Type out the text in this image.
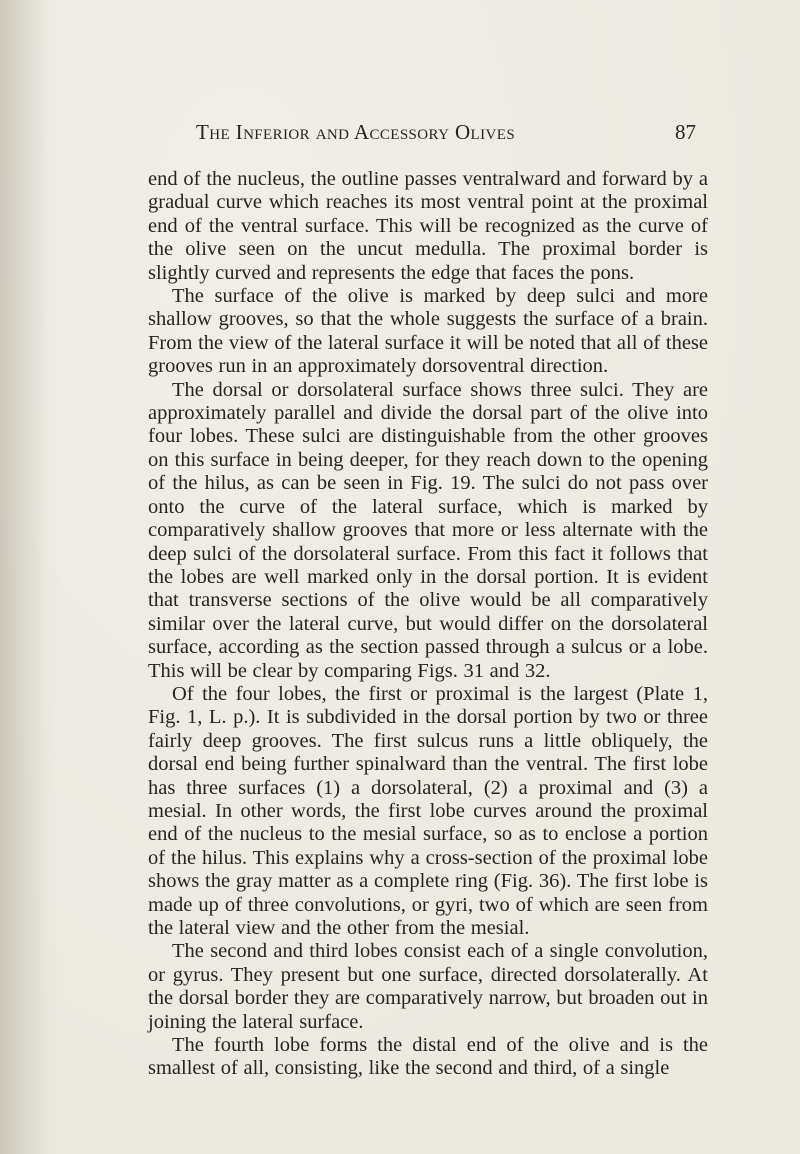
The Inferior and Accessory Olives	87

end of the nucleus, the outline passes ventralward and forward by a gradual curve which reaches its most ventral point at the proximal end of the ventral surface. This will be recognized as the curve of the olive seen on the uncut medulla. The proximal border is slightly curved and represents the edge that faces the pons.

The surface of the olive is marked by deep sulci and more shallow grooves, so that the whole suggests the surface of a brain. From the view of the lateral surface it will be noted that all of these grooves run in an approximately dorsoventral direction.

The dorsal or dorsolateral surface shows three sulci. They are approximately parallel and divide the dorsal part of the olive into four lobes. These sulci are distinguishable from the other grooves on this surface in being deeper, for they reach down to the opening of the hilus, as can be seen in Fig. 19. The sulci do not pass over onto the curve of the lateral surface, which is marked by comparatively shallow grooves that more or less alternate with the deep sulci of the dorsolateral surface. From this fact it follows that the lobes are well marked only in the dorsal portion. It is evident that transverse sections of the olive would be all comparatively similar over the lateral curve, but would differ on the dorsolateral surface, according as the section passed through a sulcus or a lobe. This will be clear by comparing Figs. 31 and 32.

Of the four lobes, the first or proximal is the largest (Plate 1, Fig. 1, L. p.). It is subdivided in the dorsal portion by two or three fairly deep grooves. The first sulcus runs a little obliquely, the dorsal end being further spinalward than the ventral. The first lobe has three surfaces (1) a dorsolateral, (2) a proximal and (3) a mesial. In other words, the first lobe curves around the proximal end of the nucleus to the mesial surface, so as to enclose a portion of the hilus. This explains why a cross-section of the proximal lobe shows the gray matter as a complete ring (Fig. 36). The first lobe is made up of three convolutions, or gyri, two of which are seen from the lateral view and the other from the mesial.

The second and third lobes consist each of a single convolution, or gyrus. They present but one surface, directed dorsolaterally. At the dorsal border they are comparatively narrow, but broaden out in joining the lateral surface.

The fourth lobe forms the distal end of the olive and is the smallest of all, consisting, like the second and third, of a single
